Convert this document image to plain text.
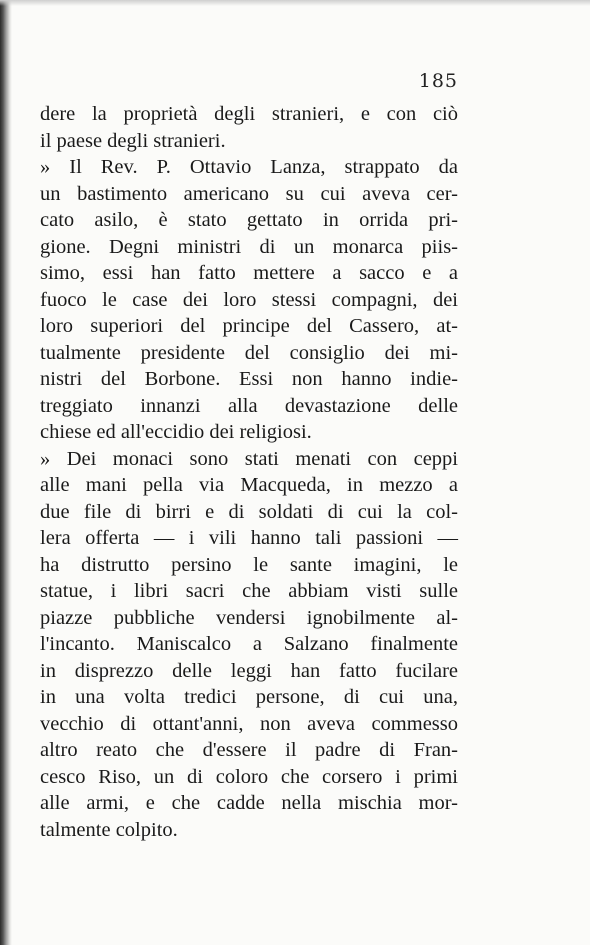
185
dere la proprietà degli stranieri, e con ciò
il paese degli stranieri.
» Il Rev. P. Ottavio Lanza, strappato da
un bastimento americano su cui aveva cer-
cato asilo, è stato gettato in orrida pri-
gione. Degni ministri di un monarca piis-
simo, essi han fatto mettere a sacco e a
fuoco le case dei loro stessi compagni, dei
loro superiori del principe del Cassero, at-
tualmente presidente del consiglio dei mi-
nistri del Borbone. Essi non hanno indie-
treggiato innanzi alla devastazione delle
chiese ed all'eccidio dei religiosi.
» Dei monaci sono stati menati con ceppi
alle mani pella via Macqueda, in mezzo a
due file di birri e di soldati di cui la col-
lera offerta — i vili hanno tali passioni —
ha distrutto persino le sante imagini, le
statue, i libri sacri che abbiam visti sulle
piazze pubbliche vendersi ignobilmente al-
l'incanto. Maniscalco a Salzano finalmente
in disprezzo delle leggi han fatto fucilare
in una volta tredici persone, di cui una,
vecchio di ottant'anni, non aveva commesso
altro reato che d'essere il padre di Fran-
cesco Riso, un di coloro che corsero i primi
alle armi, e che cadde nella mischia mor-
talmente colpito.
